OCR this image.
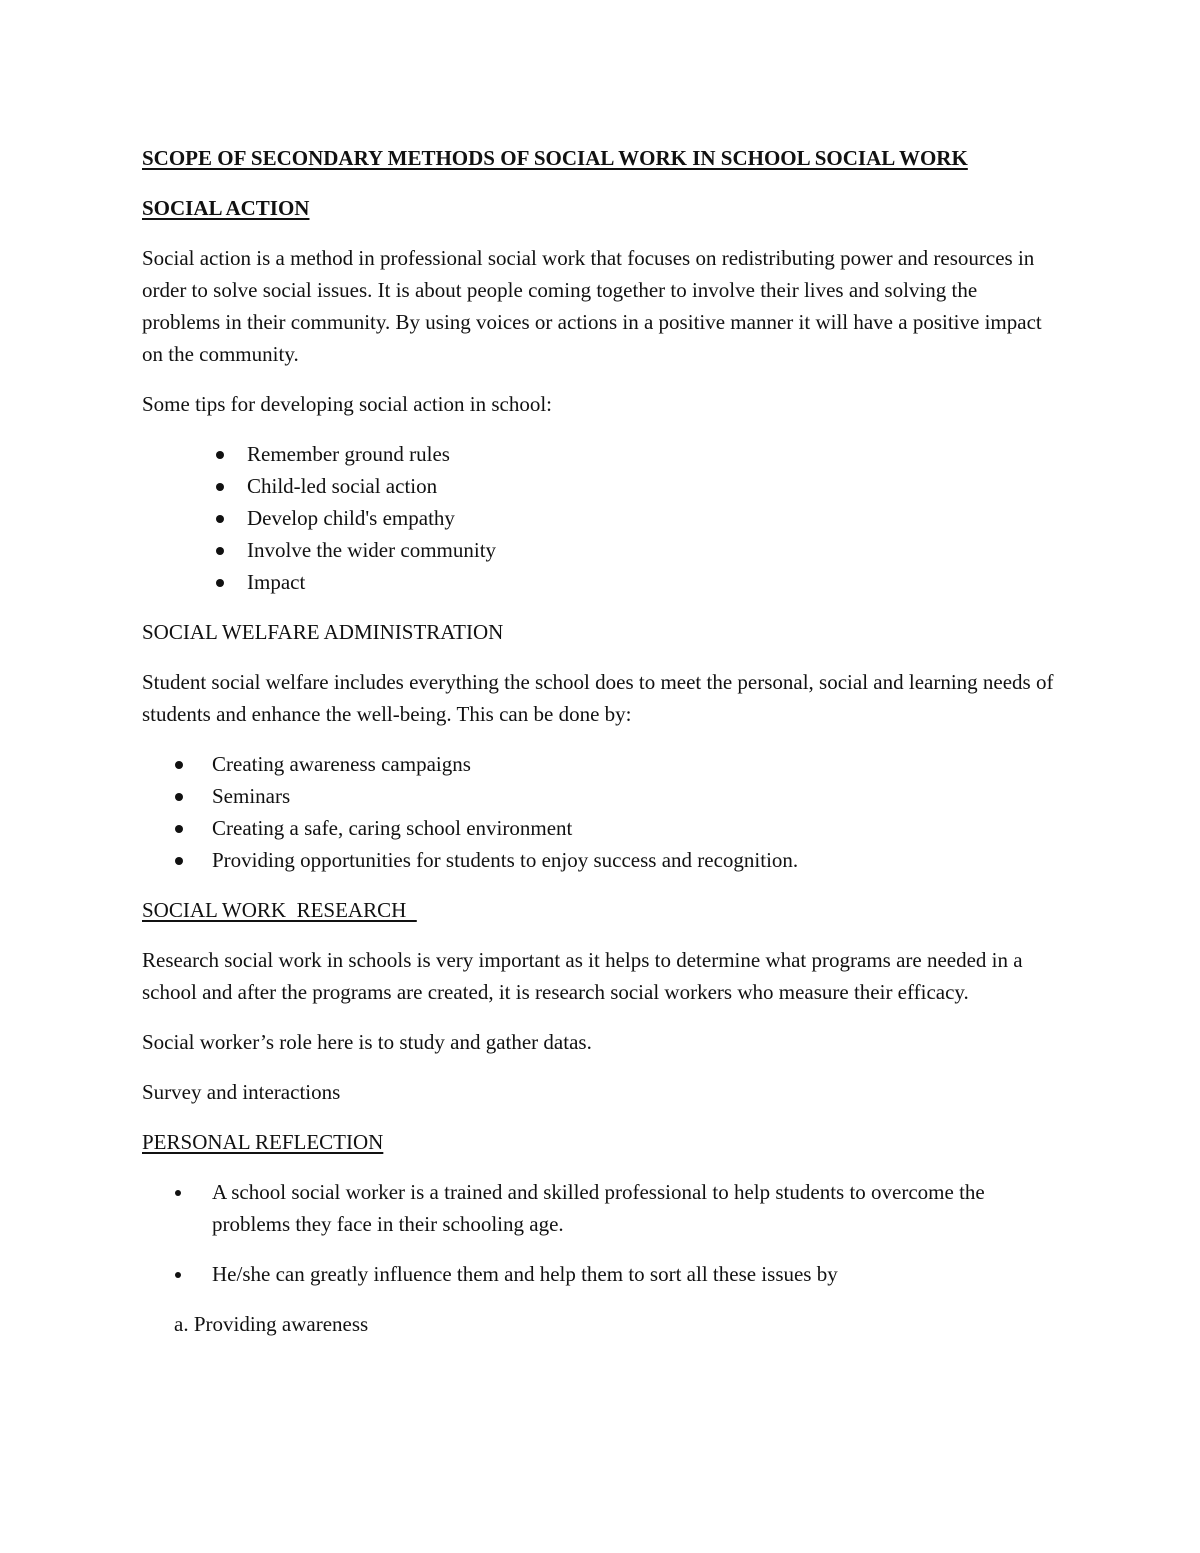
SCOPE OF SECONDARY METHODS OF SOCIAL WORK IN SCHOOL SOCIAL WORK

SOCIAL ACTION

Social action is a method in professional social work that focuses on redistributing power and resources in order to solve social issues. It is about people coming together to involve their lives and solving the problems in their community. By using voices or actions in a positive manner it will have a positive impact on the community.

Some tips for developing social action in school:

Remember ground rules
Child-led social action
Develop child's empathy
Involve the wider community
Impact

SOCIAL WELFARE ADMINISTRATION

Student social welfare includes everything the school does to meet the personal, social and learning needs of students and enhance the well-being. This can be done by:

Creating awareness campaigns
Seminars
Creating a safe, caring school environment
Providing opportunities for students to enjoy success and recognition.

SOCIAL WORK  RESEARCH

Research social work in schools is very important as it helps to determine what programs are needed in a school and after the programs are created, it is research social workers who measure their efficacy.

Social worker’s role here is to study and gather datas.

Survey and interactions

PERSONAL REFLECTION

A school social worker is a trained and skilled professional to help students to overcome the problems they face in their schooling age.
He/she can greatly influence them and help them to sort all these issues by

a. Providing awareness
